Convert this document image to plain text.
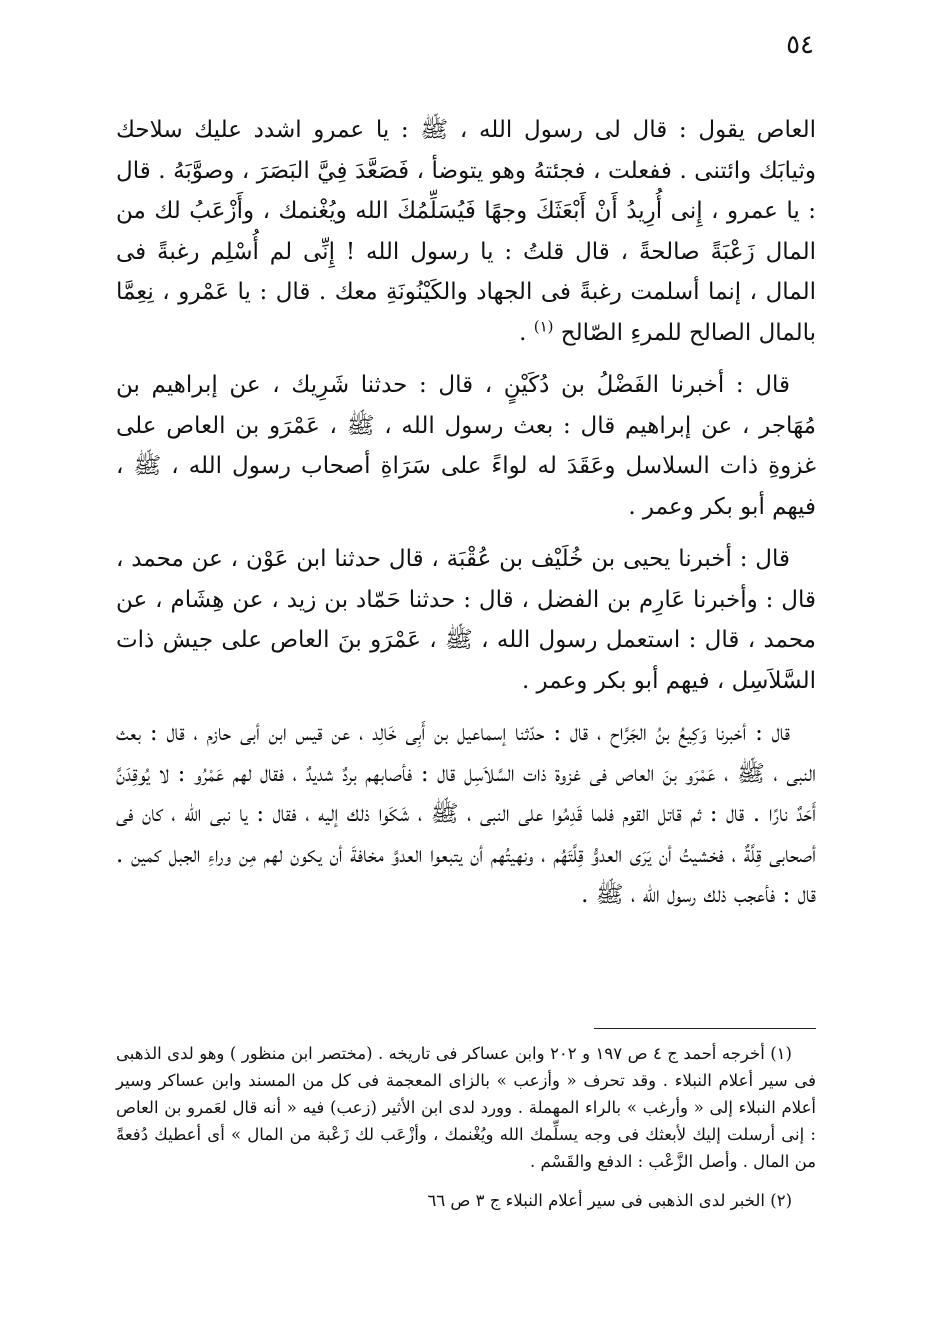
٥٤

العاص يقول : قال لى رسول الله ، ﷺ : يا عمرو اشدد عليك سلاحك وثيابَك وائتنى . ففعلت ، فجئتهُ وهو يتوضأ ، فَصَعَّدَ فِيَّ البَصَرَ ، وصوَّبَهُ . قال : يا عمرو ، إِنى أُرِيدُ أَنْ أَبْعَثَكَ وجهًا فَيُسَلِّمُكَ الله ويُغْنمك ، وأَزْعَبُ لك من المال زَعْبَةً صالحةً ، قال قلتُ : يا رسول الله ! إِنِّى لم أُسْلِم رغبةً فى المال ، إنما أسلمت رغبةً فى الجهاد والكَيْنُونَةِ معك . قال : يا عَمْرو ، نِعِمَّا بالمال الصالح للمرءِ الصّالح $^{(١)}$ .

قال : أخبرنا الفَضْلُ بن دُكَيْنٍ ، قال : حدثنا شَرِيك ، عن إبراهيم بن مُهَاجر ، عن إبراهيم قال : بعث رسول الله ، ﷺ ، عَمْرَو بن العاص على غزوةِ ذات السلاسل وعَقَدَ له لواءً على سَرَاةِ أصحاب رسول الله ، ﷺ ، فيهم أبو بكر وعمر .

قال : أخبرنا يحيى بن خُلَيْف بن عُقْبَة ، قال حدثنا ابن عَوْن ، عن محمد ، قال : وأخبرنا عَارِم بن الفضل ، قال : حدثنا حَمّاد بن زيد ، عن هِشَام ، عن محمد ، قال : استعمل رسول الله ، ﷺ ، عَمْرَو بنَ العاص على جيش ذات السَّلاَسِل ، فيهم أبو بكر وعمر .

قال : أخبرنا وَكِيعُ بنُ الجَرَّاح ، قال : حدّثنا إسماعيل بن أَبِى خَالِد ، عن قيس ابن أبى حازم ، قال : بعث النبى ، ﷺ ، عَمْرَو بنَ العاص فى غزوة ذات السَّلاَسِل قال : فأصابهم بردٌ شديدٌ ، فقال لهم عَمْرُو : لا يُوقِدَنَّ أَحَدٌ نارًا . قال : ثم قاتل القوم فلما قَدِمُوا على النبى ، ﷺ ، شَكَوا ذلك إليه ، فقال : يا نبى الله ، كان فى أصحابى قِلَّةٌ ، فخشيتُ أن يَرَى العدوُّ قِلَّتَهُم ، ونهيتُهم أن يتبعوا العدوَّ مخافةَ أن يكون لهم مِن وراءِ الجبل كمين . قال : فأعجب ذلك رسول الله ، ﷺ .

(١) أخرجه أحمد ج ٤ ص ١٩٧ و ٢٠٢ وابن عساكر فى تاريخه . (مختصر ابن منظور ) وهو لدى الذهبى فى سير أعلام النبلاء . وقد تحرف « وأزعب » بالزاى المعجمة فى كل من المسند وابن عساكر وسير أعلام النبلاء إلى « وأرغب » بالراء المهملة . وورد لدى ابن الأثير (زعب) فيه « أنه قال لعَمرو بن العاص : إنى أرسلت إليك لأبعثك فى وجه يسلِّمك الله ويُغْنمك ، وأزْعَب لك زَعْبة من المال » أى أعطيك دُفعةً من المال . وأصل الزَّعْب : الدفع والقَسْم .

(٢) الخبر لدى الذهبى فى سير أعلام النبلاء ج ٣ ص ٦٦
